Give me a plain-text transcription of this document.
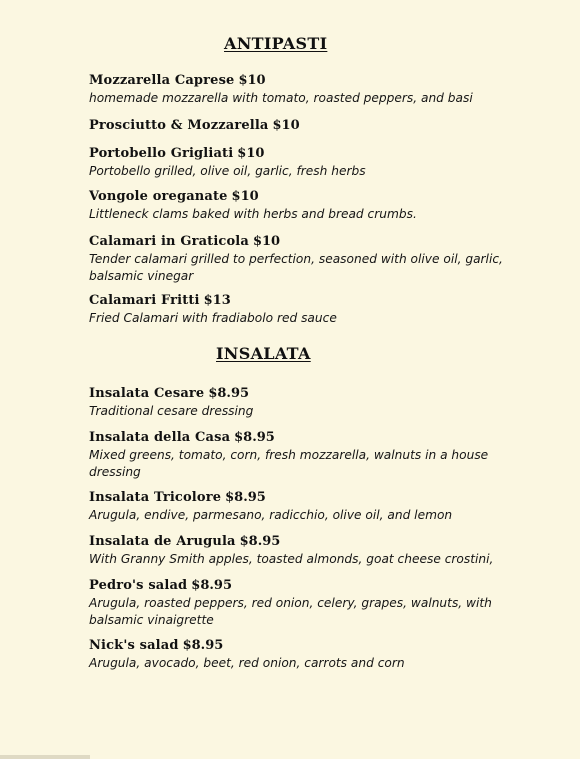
ANTIPASTI
Mozzarella Caprese $10
homemade mozzarella with tomato, roasted peppers, and basi
Prosciutto & Mozzarella $10
Portobello Grigliati $10
Portobello grilled, olive oil, garlic, fresh herbs
Vongole oreganate $10
Littleneck clams baked with herbs and bread crumbs.
Calamari in Graticola $10
Tender calamari grilled to perfection, seasoned with olive oil, garlic,
balsamic vinegar
Calamari Fritti $13
Fried Calamari with fradiabolo red sauce
INSALATA
Insalata Cesare $8.95
Traditional cesare dressing
Insalata della Casa $8.95
Mixed greens, tomato, corn, fresh mozzarella, walnuts in a house
dressing
Insalata Tricolore $8.95
Arugula, endive, parmesano, radicchio, olive oil, and lemon
Insalata de Arugula $8.95
With Granny Smith apples, toasted almonds, goat cheese crostini,
Pedro's salad $8.95
Arugula, roasted peppers, red onion, celery, grapes, walnuts, with
balsamic vinaigrette
Nick's salad $8.95
Arugula, avocado, beet, red onion, carrots and corn
